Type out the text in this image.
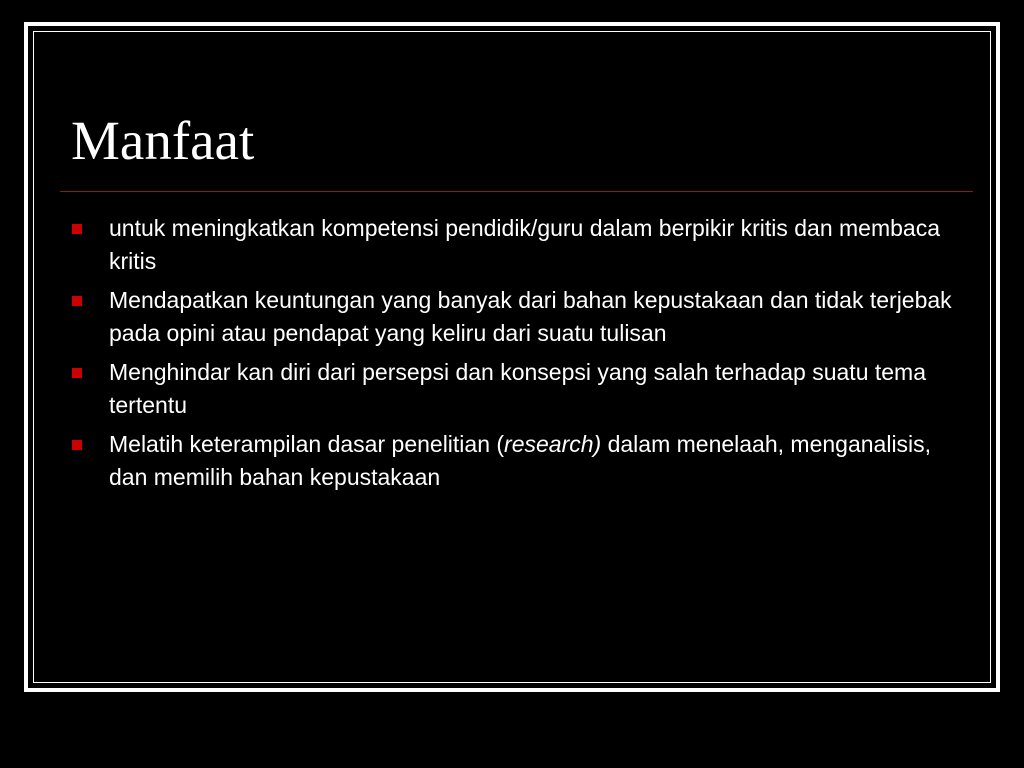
Manfaat
untuk meningkatkan kompetensi pendidik/guru dalam berpikir kritis dan membaca kritis
Mendapatkan keuntungan yang banyak dari bahan kepustakaan dan tidak terjebak pada opini atau pendapat yang keliru dari suatu tulisan
Menghindar kan diri dari persepsi dan konsepsi yang salah terhadap suatu tema tertentu
Melatih keterampilan dasar penelitian (research) dalam menelaah, menganalisis, dan memilih bahan kepustakaan
